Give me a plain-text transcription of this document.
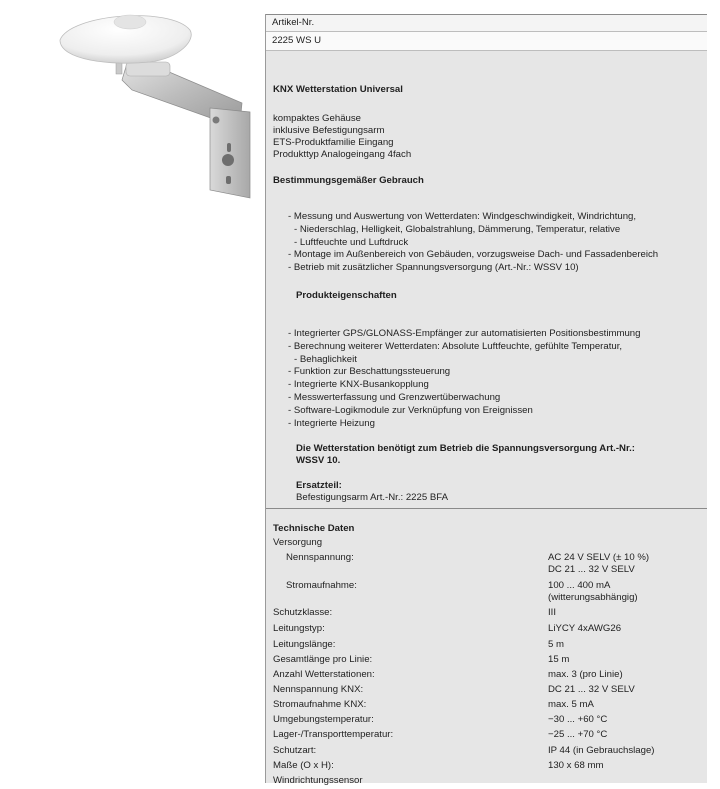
Artikel-Nr.
2225 WS U
KNX Wetterstation Universal
kompaktes Gehäuse
inklusive Befestigungsarm
ETS-Produktfamilie Eingang
Produkttyp Analogeingang 4fach
Bestimmungsgemäßer Gebrauch
- Messung und Auswertung von Wetterdaten: Windgeschwindigkeit, Windrichtung,
- Niederschlag, Helligkeit, Globalstrahlung, Dämmerung, Temperatur, relative
- Luftfeuchte und Luftdruck
- Montage im Außenbereich von Gebäuden, vorzugsweise Dach- und Fassadenbereich
- Betrieb mit zusätzlicher Spannungsversorgung (Art.-Nr.: WSSV 10)
Produkteigenschaften
- Integrierter GPS/GLONASS-Empfänger zur automatisierten Positionsbestimmung
- Berechnung weiterer Wetterdaten: Absolute Luftfeuchte, gefühlte Temperatur,
- Behaglichkeit
- Funktion zur Beschattungssteuerung
- Integrierte KNX-Busankopplung
- Messwerterfassung und Grenzwertüberwachung
- Software-Logikmodule zur Verknüpfung von Ereignissen
- Integrierte Heizung
Die Wetterstation benötigt zum Betrieb die Spannungsversorgung Art.-Nr.:
WSSV 10.
Ersatzteil:
Befestigungsarm Art.-Nr.: 2225 BFA
Technische Daten
Versorgung
Nennspannung:	AC 24 V SELV (± 10 %)
DC 21 ... 32 V SELV
Stromaufnahme:	100 ... 400 mA
(witterungsabhängig)
Schutzklasse:	III
Leitungstyp:	LiYCY 4xAWG26
Leitungslänge:	5 m
Gesamtlänge pro Linie:	15 m
Anzahl Wetterstationen:	max. 3 (pro Linie)
Nennspannung KNX:	DC 21 ... 32 V SELV
Stromaufnahme KNX:	max. 5 mA
Umgebungstemperatur:	−30 ... +60 °C
Lager-/Transporttemperatur:	−25 ... +70 °C
Schutzart:	IP 44 (in Gebrauchslage)
Maße (O x H):	130 x 68 mm
Windrichtungssensor
